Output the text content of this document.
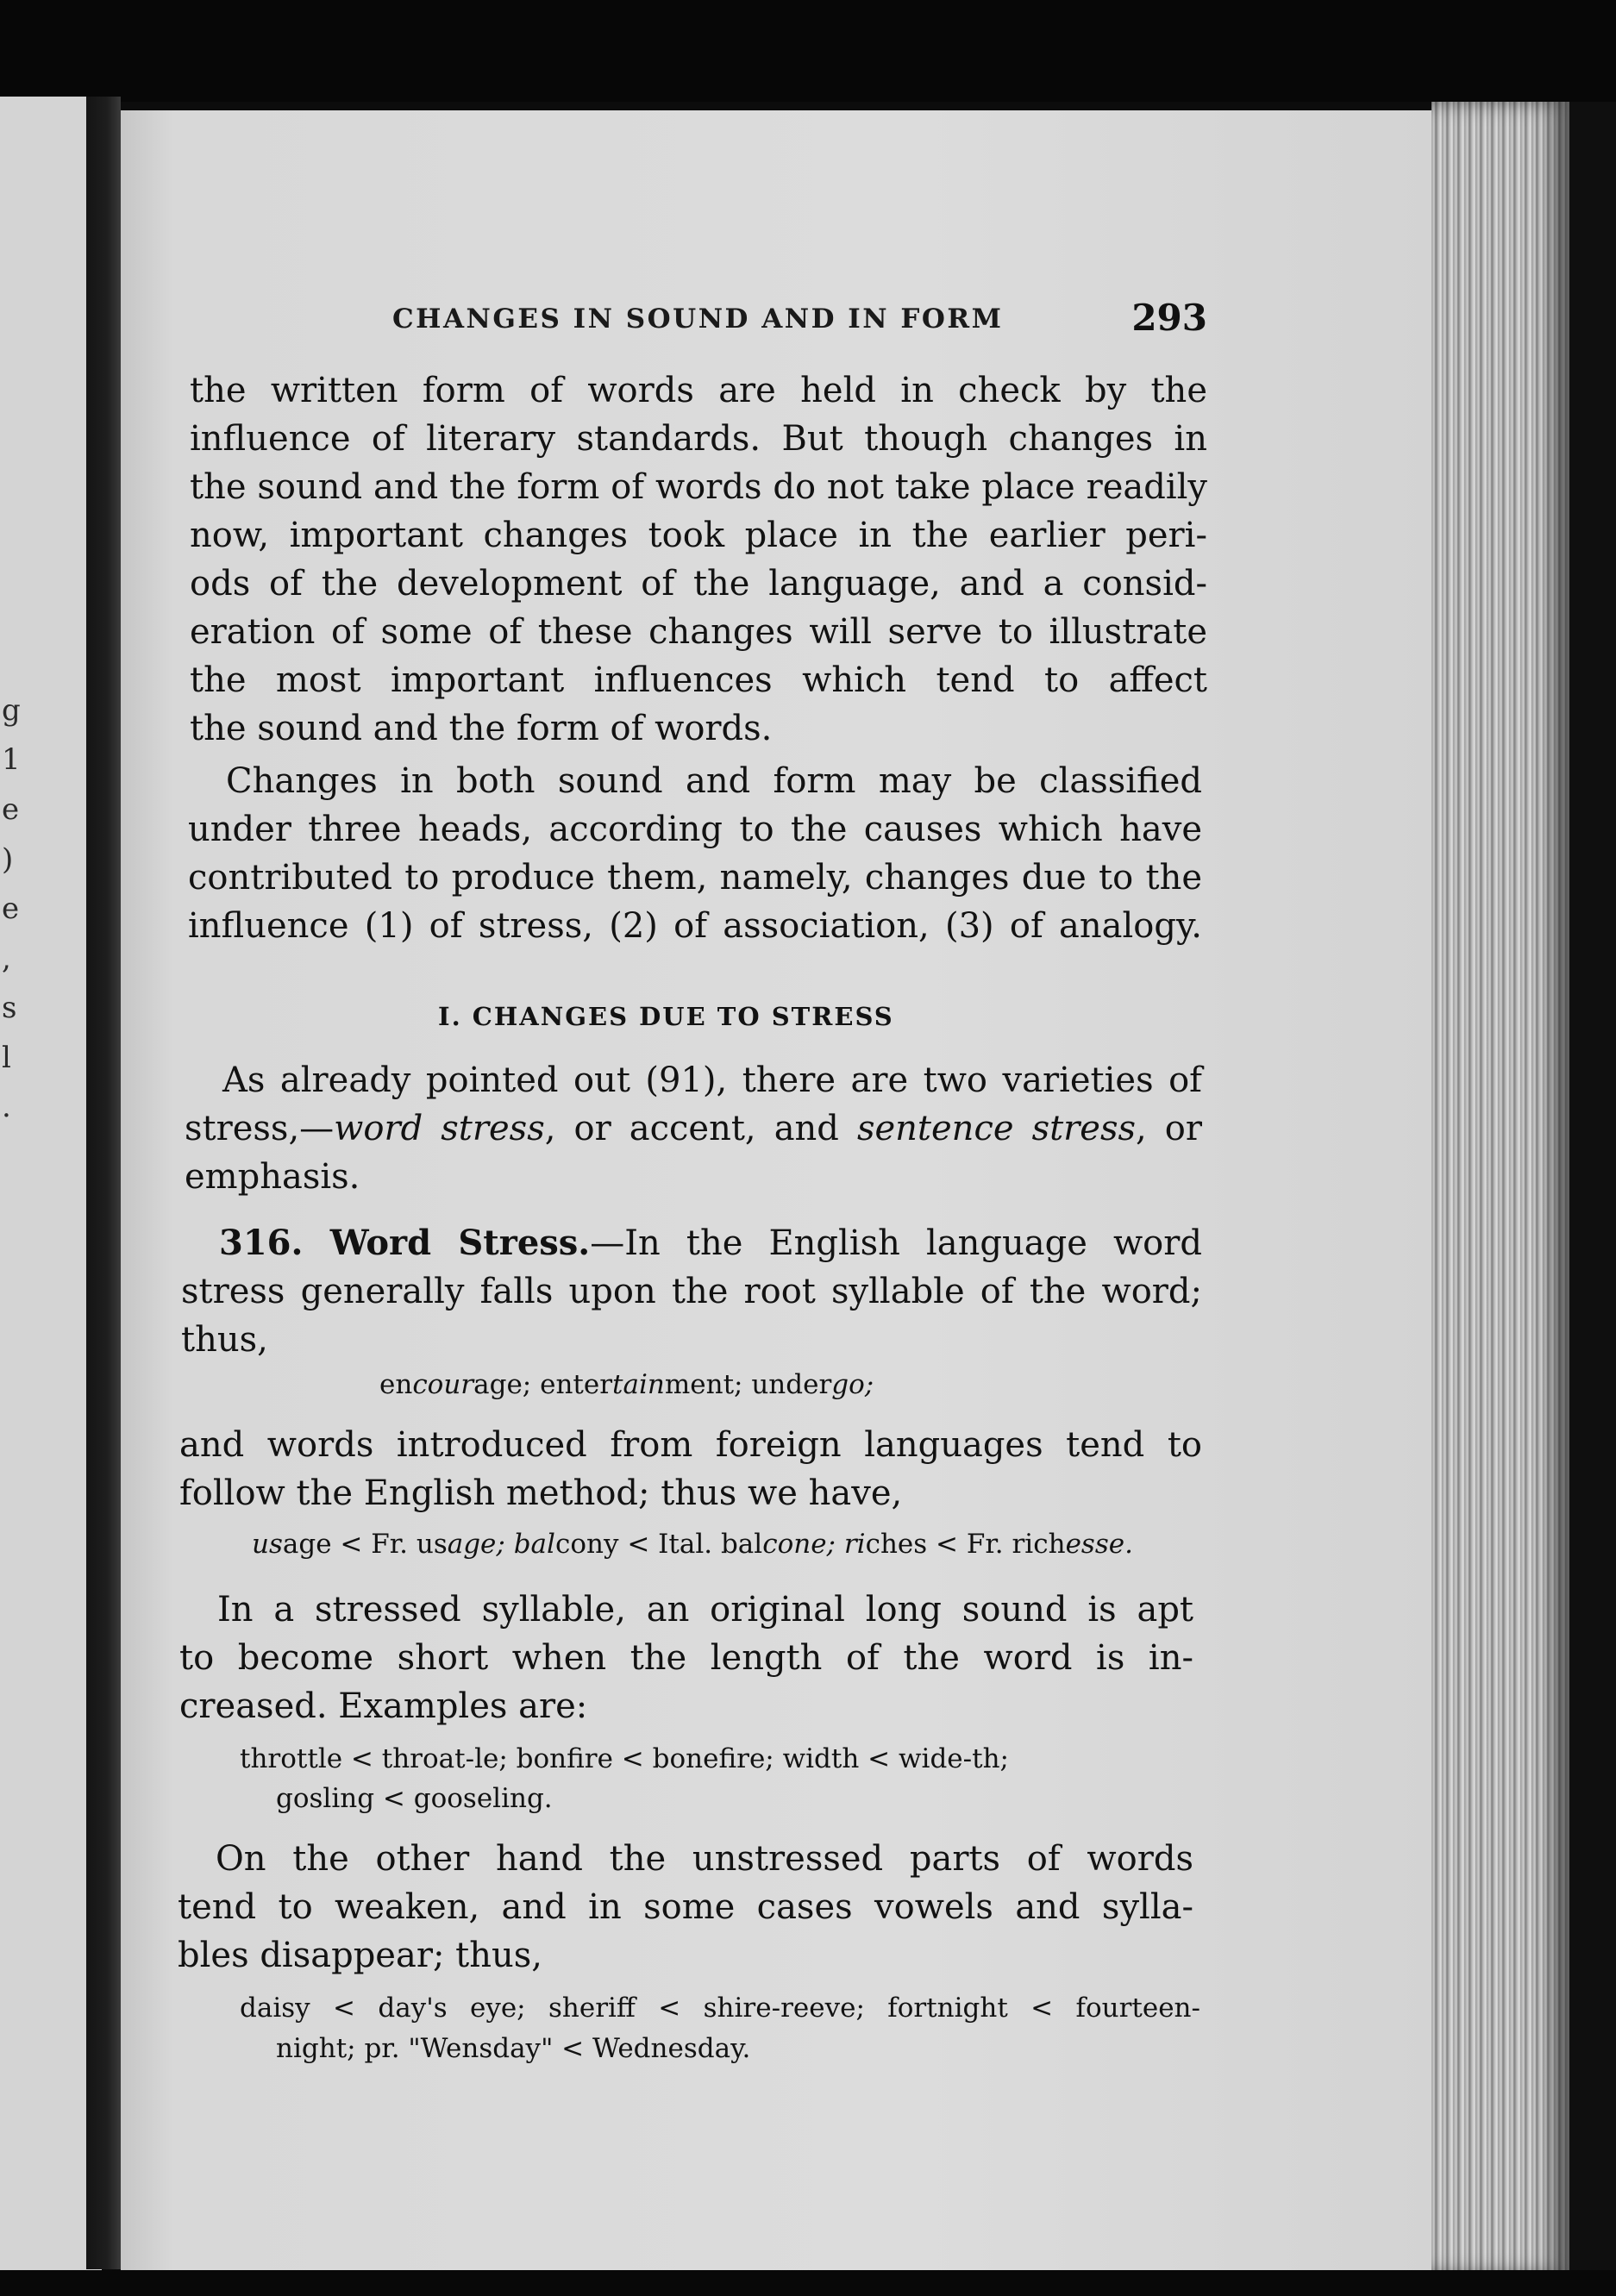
g
1
e
)
e
,
s
l
.
CHANGES IN SOUND AND IN FORM	293
the written form of words are held in check by the
influence of literary standards. But though changes in
the sound and the form of words do not take place readily
now, important changes took place in the earlier peri-
ods of the development of the language, and a consid-
eration of some of these changes will serve to illustrate
the most important influences which tend to affect
the sound and the form of words.
Changes in both sound and form may be classified
under three heads, according to the causes which have
contributed to produce them, namely, changes due to the
influence (1) of stress, (2) of association, (3) of analogy.
I. CHANGES DUE TO STRESS
As already pointed out (91), there are two varieties of
stress,—word stress, or accent, and sentence stress, or
emphasis.
316. Word Stress.—In the English language word
stress generally falls upon the root syllable of the word;
thus,
encourage; entertainment; undergo;
and words introduced from foreign languages tend to
follow the English method; thus we have,
usage < Fr. usage; balcony < Ital. balcone; riches < Fr. richesse.
In a stressed syllable, an original long sound is apt
to become short when the length of the word is in-
creased. Examples are:
throttle < throat-le; bonfire < bonefire; width < wide-th;
gosling < gooseling.
On the other hand the unstressed parts of words
tend to weaken, and in some cases vowels and sylla-
bles disappear; thus,
daisy < day's eye; sheriff < shire-reeve; fortnight < fourteen-
night; pr. "Wensday" < Wednesday.
